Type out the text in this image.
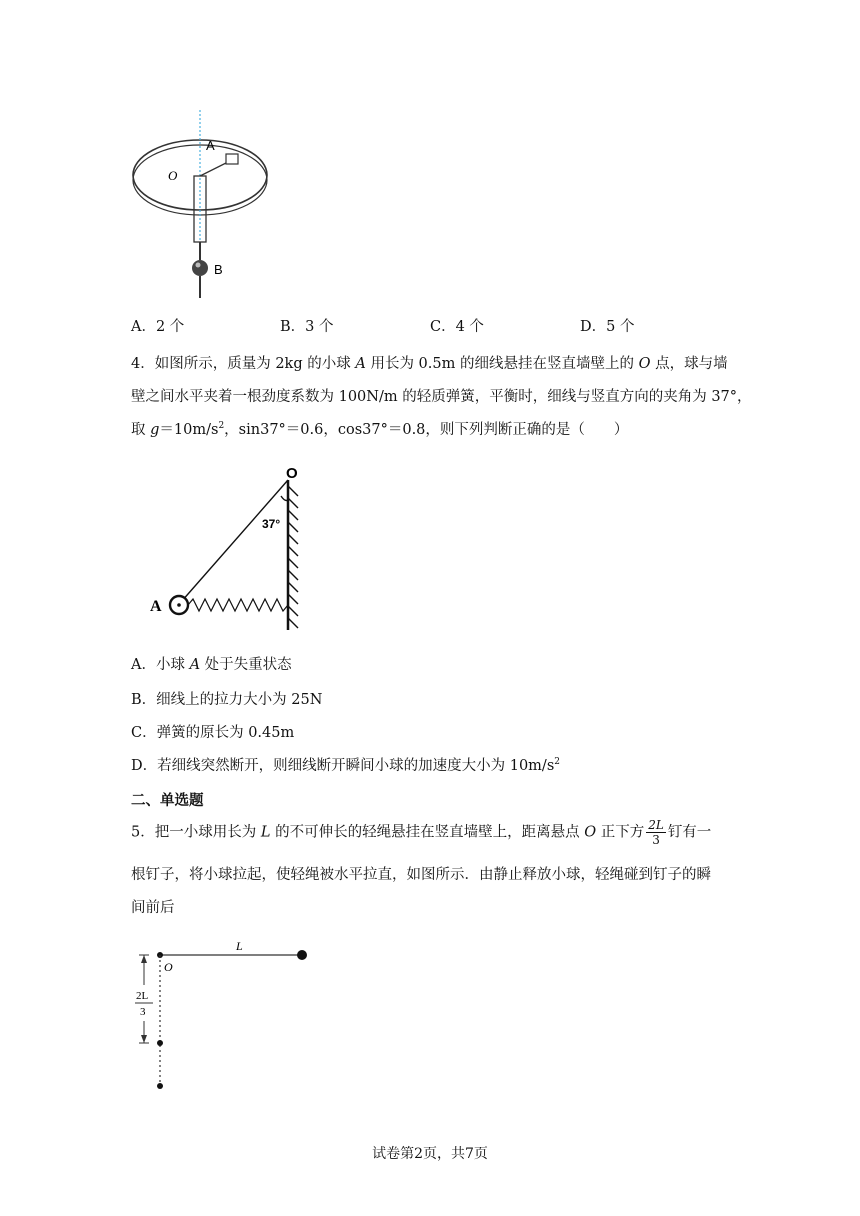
A
O
B
A．2 个	B．3 个	C．4 个	D．5 个
4．如图所示，质量为 2kg 的小球 A 用长为 0.5m 的细线悬挂在竖直墙壁上的 O 点，球与墙
壁之间水平夹着一根劲度系数为 100N/m 的轻质弹簧，平衡时，细线与竖直方向的夹角为 37°，
取 $g=10m/s^2$，sin37°＝0.6，cos37°＝0.8，则下列判断正确的是（　　）
O
A
37°
A．小球 A 处于失重状态
B．细线上的拉力大小为 25N
C．弹簧的原长为 0.45m
D．若细线突然断开，则细线断开瞬间小球的加速度大小为 $10m/s^2$
二、单选题
5．把一小球用长为 L 的不可伸长的轻绳悬挂在竖直墙壁上，距离悬点 O 正下方 $\frac{2L}{3}$ 钉有一
根钉子，将小球拉起，使轻绳被水平拉直，如图所示．由静止释放小球，轻绳碰到钉子的瞬
间前后
O
L
2L
3
试卷第2页，共7页
